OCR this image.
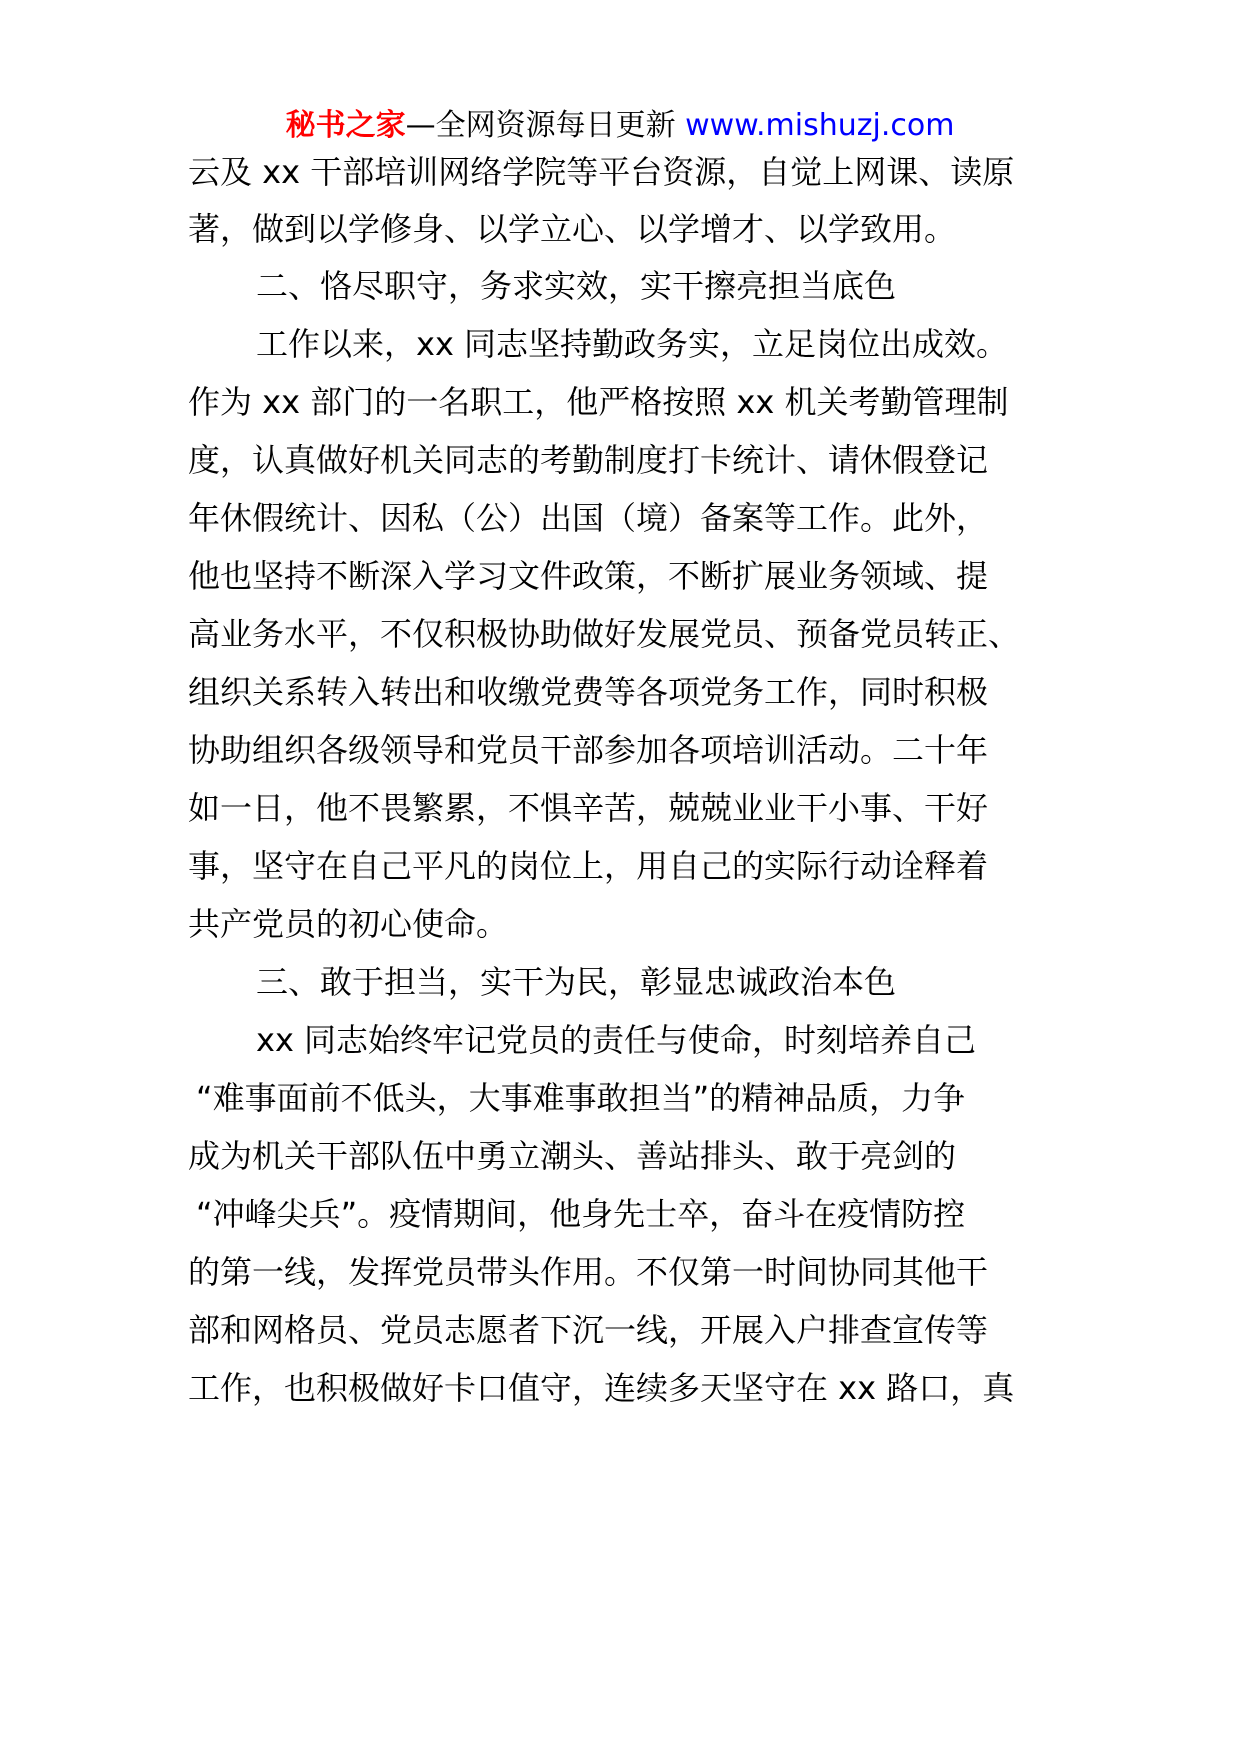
秘书之家—全网资源每日更新 www.mishuzj.com
云及 xx 干部培训网络学院等平台资源，自觉上网课、读原
著，做到以学修身、以学立心、以学增才、以学致用。
二、恪尽职守，务求实效，实干擦亮担当底色
工作以来，xx 同志坚持勤政务实，立足岗位出成效。
作为 xx 部门的一名职工，他严格按照 xx 机关考勤管理制
度，认真做好机关同志的考勤制度打卡统计、请休假登记
年休假统计、因私（公）出国（境）备案等工作。此外，
他也坚持不断深入学习文件政策，不断扩展业务领域、提
高业务水平，不仅积极协助做好发展党员、预备党员转正、
组织关系转入转出和收缴党费等各项党务工作，同时积极
协助组织各级领导和党员干部参加各项培训活动。二十年
如一日，他不畏繁累，不惧辛苦，兢兢业业干小事、干好
事，坚守在自己平凡的岗位上，用自己的实际行动诠释着
共产党员的初心使命。
三、敢于担当，实干为民，彰显忠诚政治本色
xx 同志始终牢记党员的责任与使命，时刻培养自己
“难事面前不低头，大事难事敢担当”的精神品质，力争
成为机关干部队伍中勇立潮头、善站排头、敢于亮剑的
“冲峰尖兵”。疫情期间，他身先士卒，奋斗在疫情防控
的第一线，发挥党员带头作用。不仅第一时间协同其他干
部和网格员、党员志愿者下沉一线，开展入户排查宣传等
工作，也积极做好卡口值守，连续多天坚守在 xx 路口，真
